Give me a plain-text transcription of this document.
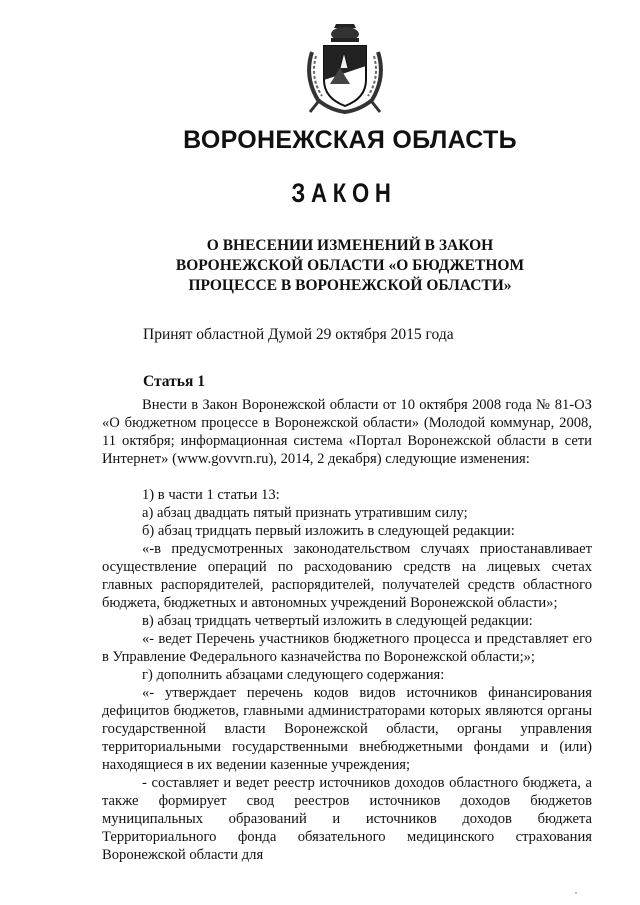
ВОРОНЕЖСКАЯ ОБЛАСТЬ
ЗАКОН
О ВНЕСЕНИИ ИЗМЕНЕНИЙ В ЗАКОН
ВОРОНЕЖСКОЙ ОБЛАСТИ «О БЮДЖЕТНОМ
ПРОЦЕССЕ В ВОРОНЕЖСКОЙ ОБЛАСТИ»
Принят областной Думой 29 октября 2015 года
Статья 1

Внести в Закон Воронежской области от 10 октября 2008 года № 81-ОЗ «О бюджетном процессе в Воронежской области» (Молодой коммунар, 2008, 11 октября; информационная система «Портал Воронежской области в сети Интернет» (www.govvrn.ru), 2014, 2 декабря) следующие изменения:

1) в части 1 статьи 13:

а) абзац двадцать пятый признать утратившим силу;

б) абзац тридцать первый изложить в следующей редакции:

«-в предусмотренных законодательством случаях приостанавливает осуществление операций по расходованию средств на лицевых счетах главных распорядителей, распорядителей, получателей средств областного бюджета, бюджетных и автономных учреждений Воронежской области»;

в) абзац тридцать четвертый изложить в следующей редакции:

«- ведет Перечень участников бюджетного процесса и представляет его в Управление Федерального казначейства по Воронежской области;»;

г) дополнить абзацами следующего содержания:

«- утверждает перечень кодов видов источников финансирования дефицитов бюджетов, главными администраторами которых являются органы государственной власти Воронежской области, органы управления территориальными государственными внебюджетными фондами и (или) находящиеся в их ведении казенные учреждения;

- составляет и ведет реестр источников доходов областного бюджета, а также формирует свод реестров источников доходов бюджетов муниципальных образований и источников доходов бюджета Территориального фонда обязательного медицинского страхования Воронежской области для
